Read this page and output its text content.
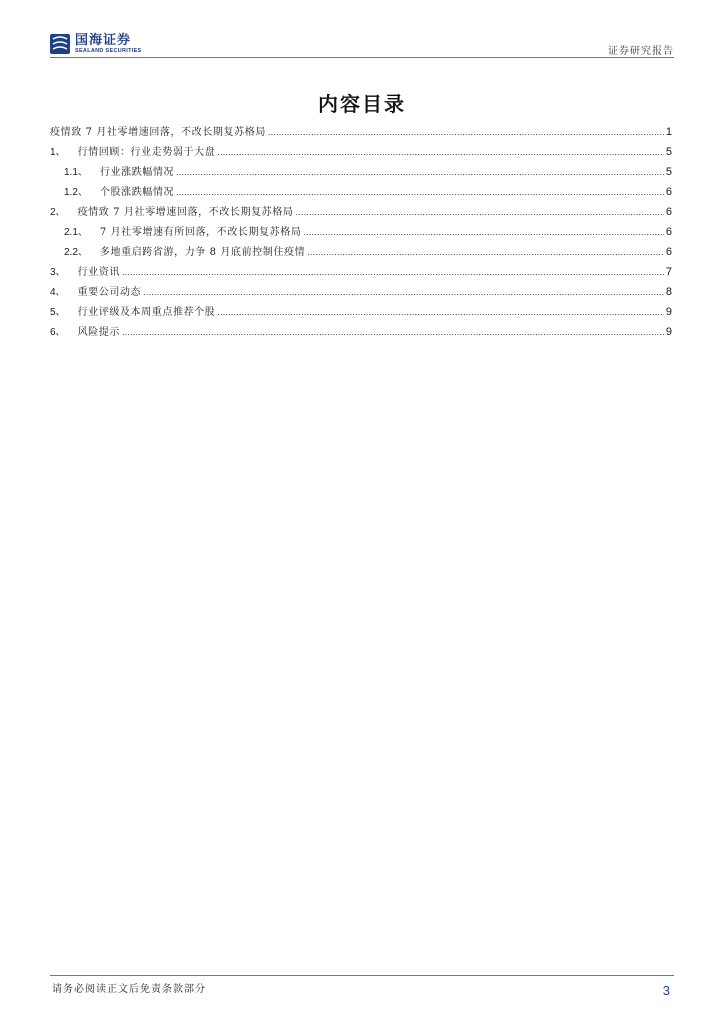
国海证券
SEALAND SECURITIES	证券研究报告
内容目录
疫情致 7 月社零增速回落，不改长期复苏格局 .....	1
1、 行情回顾：行业走势弱于大盘 .....	5
1.1、 行业涨跌幅情况 .....	5
1.2、 个股涨跌幅情况 .....	6
2、 疫情致 7 月社零增速回落，不改长期复苏格局 .....	6
2.1、 7 月社零增速有所回落，不改长期复苏格局 .....	6
2.2、 多地重启跨省游，力争 8 月底前控制住疫情 .....	6
3、 行业资讯 .....	7
4、 重要公司动态 .....	8
5、 行业评级及本周重点推荐个股 .....	9
6、 风险提示 .....	9
请务必阅读正文后免责条款部分	3
